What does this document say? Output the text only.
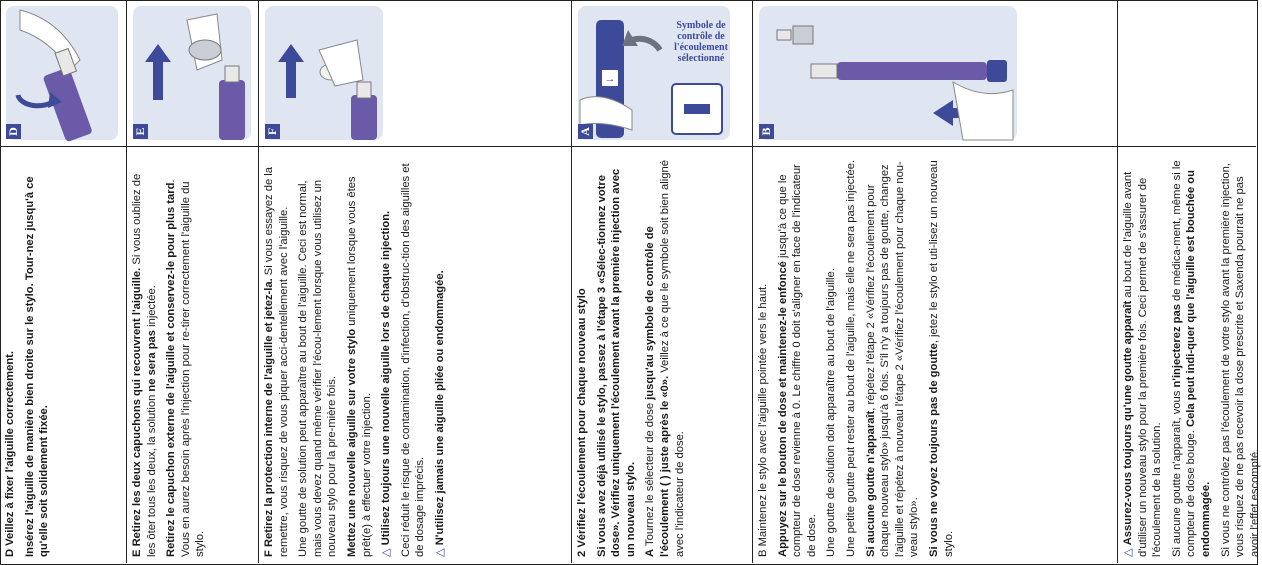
D

D Veillez à fixer l'aiguille correctement. Insérez l'aiguille de manière bien droite sur le stylo. Tour-nez jusqu'à ce qu'elle soit solidement fixée.

E

E Retirez les deux capuchons qui recouvrent l'aiguille. Si vous oubliez de les ôter tous les deux, la solution ne sera pas injectée. Retirez le capuchon externe de l'aiguille et conservez-le pour plus tard. Vous en aurez besoin après l'injection pour re-tirer correctement l'aiguille du stylo.

F

F Retirez la protection interne de l'aiguille et jetez-la. Si vous essayez de la remettre, vous risquez de vous piquer acci-dentellement avec l'aiguille. Une goutte de solution peut apparaître au bout de l'aiguille. Ceci est normal, mais vous devez quand même vérifier l'écou-lement lorsque vous utilisez un nouveau stylo pour la pre-mière fois. Mettez une nouvelle aiguille sur votre stylo uniquement lorsque vous êtes prêt(e) à effectuer votre injection. △ Utilisez toujours une nouvelle aiguille lors de chaque injection. Ceci réduit le risque de contamination, d'infection, d'obstruc-tion des aiguilles et de dosage imprécis. △ N'utilisez jamais une aiguille pliée ou endommagée.

→
Symbole de contrôle de l'écoulement sélectionné
A

2 Vérifiez l'écoulement pour chaque nouveau stylo Si vous avez déjà utilisé le stylo, passez à l'étape 3 «Sélec-tionnez votre dose». Vérifiez uniquement l'écoulement avant la première injection avec un nouveau stylo. A Tournez le sélecteur de dose jusqu'au symbole de contrôle de l'écoulement ( ) juste après le «0». Veillez à ce que le symbole soit bien aligné avec l'indicateur de dose.

B

B Maintenez le stylo avec l'aiguille pointée vers le haut. Appuyez sur le bouton de dose et maintenez-le enfoncé jusqu'à ce que le compteur de dose revienne à 0. Le chiffre 0 doit s'aligner en face de l'indicateur de dose. Une goutte de solution doit apparaître au bout de l'aiguille. Une petite goutte peut rester au bout de l'aiguille, mais elle ne sera pas injectée. Si aucune goutte n'apparaît, répétez l'étape 2 «Vérifiez l'écoulement pour chaque nouveau stylo» jusqu'à 6 fois. S'il n'y a toujours pas de goutte, changez l'aiguille et répétez à nouveau l'étape 2 «Vérifiez l'écoulement pour chaque nou-veau stylo». Si vous ne voyez toujours pas de goutte, jetez le stylo et uti-lisez un nouveau stylo.	△ Assurez-vous toujours qu'une goutte apparaît au bout de l'aiguille avant d'utiliser un nouveau stylo pour la première fois. Ceci permet de s'assurer de l'écoulement de la solution. Si aucune goutte n'apparaît, vous n'injecterez pas de médica-ment, même si le compteur de dose bouge. Cela peut indi-quer que l'aiguille est bouchée ou endommagée. Si vous ne contrôlez pas l'écoulement de votre stylo avant la première injection, vous risquez de ne pas recevoir la dose prescrite et Saxenda pourrait ne pas avoir l'effet escompté.
